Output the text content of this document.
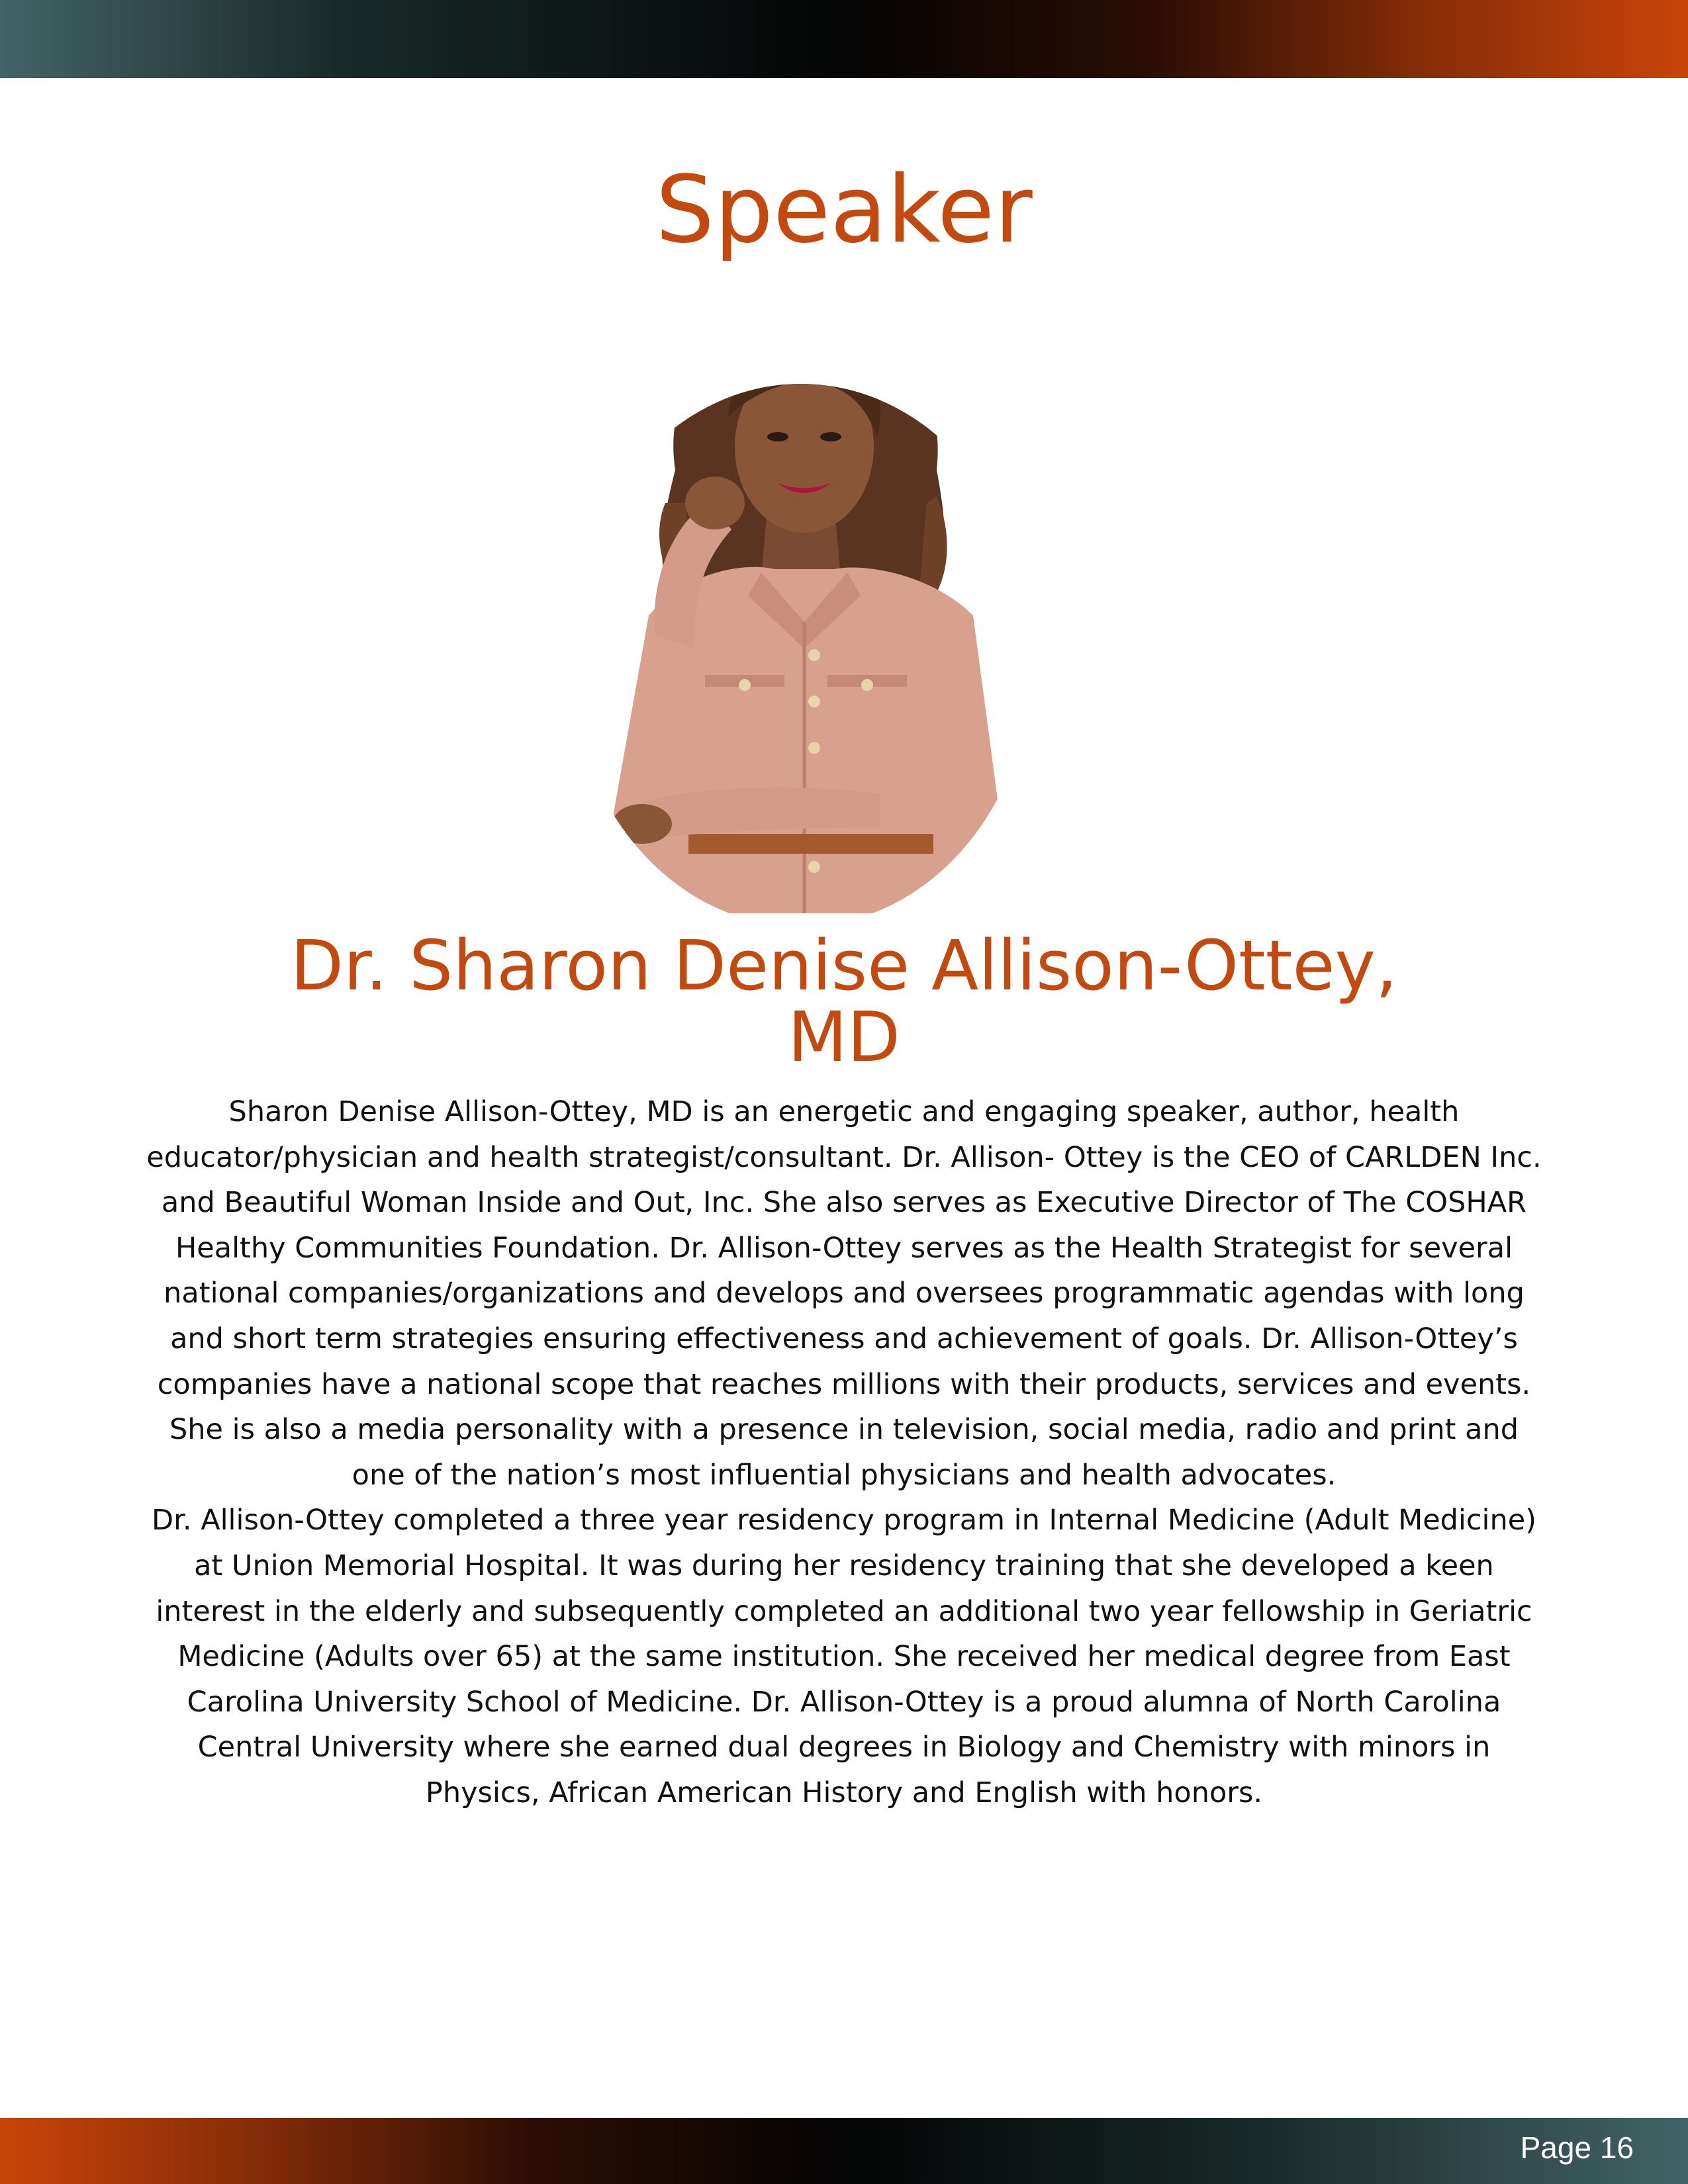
Speaker
Dr. Sharon Denise Allison-Ottey,
MD

Sharon Denise Allison-Ottey, MD is an energetic and engaging speaker, author, health educator/physician and health strategist/consultant. Dr. Allison- Ottey is the CEO of CARLDEN Inc. and Beautiful Woman Inside and Out, Inc. She also serves as Executive Director of The COSHAR Healthy Communities Foundation. Dr. Allison-Ottey serves as the Health Strategist for several national companies/organizations and develops and oversees programmatic agendas with long and short term strategies ensuring effectiveness and achievement of goals. Dr. Allison-Ottey’s companies have a national scope that reaches millions with their products, services and events. She is also a media personality with a presence in television, social media, radio and print and one of the nation’s most influential physicians and health advocates.

Dr. Allison-Ottey completed a three year residency program in Internal Medicine (Adult Medicine) at Union Memorial Hospital. It was during her residency training that she developed a keen interest in the elderly and subsequently completed an additional two year fellowship in Geriatric Medicine (Adults over 65) at the same institution. She received her medical degree from East Carolina University School of Medicine. Dr. Allison-Ottey is a proud alumna of North Carolina Central University where she earned dual degrees in Biology and Chemistry with minors in Physics, African American History and English with honors.

Page 16
